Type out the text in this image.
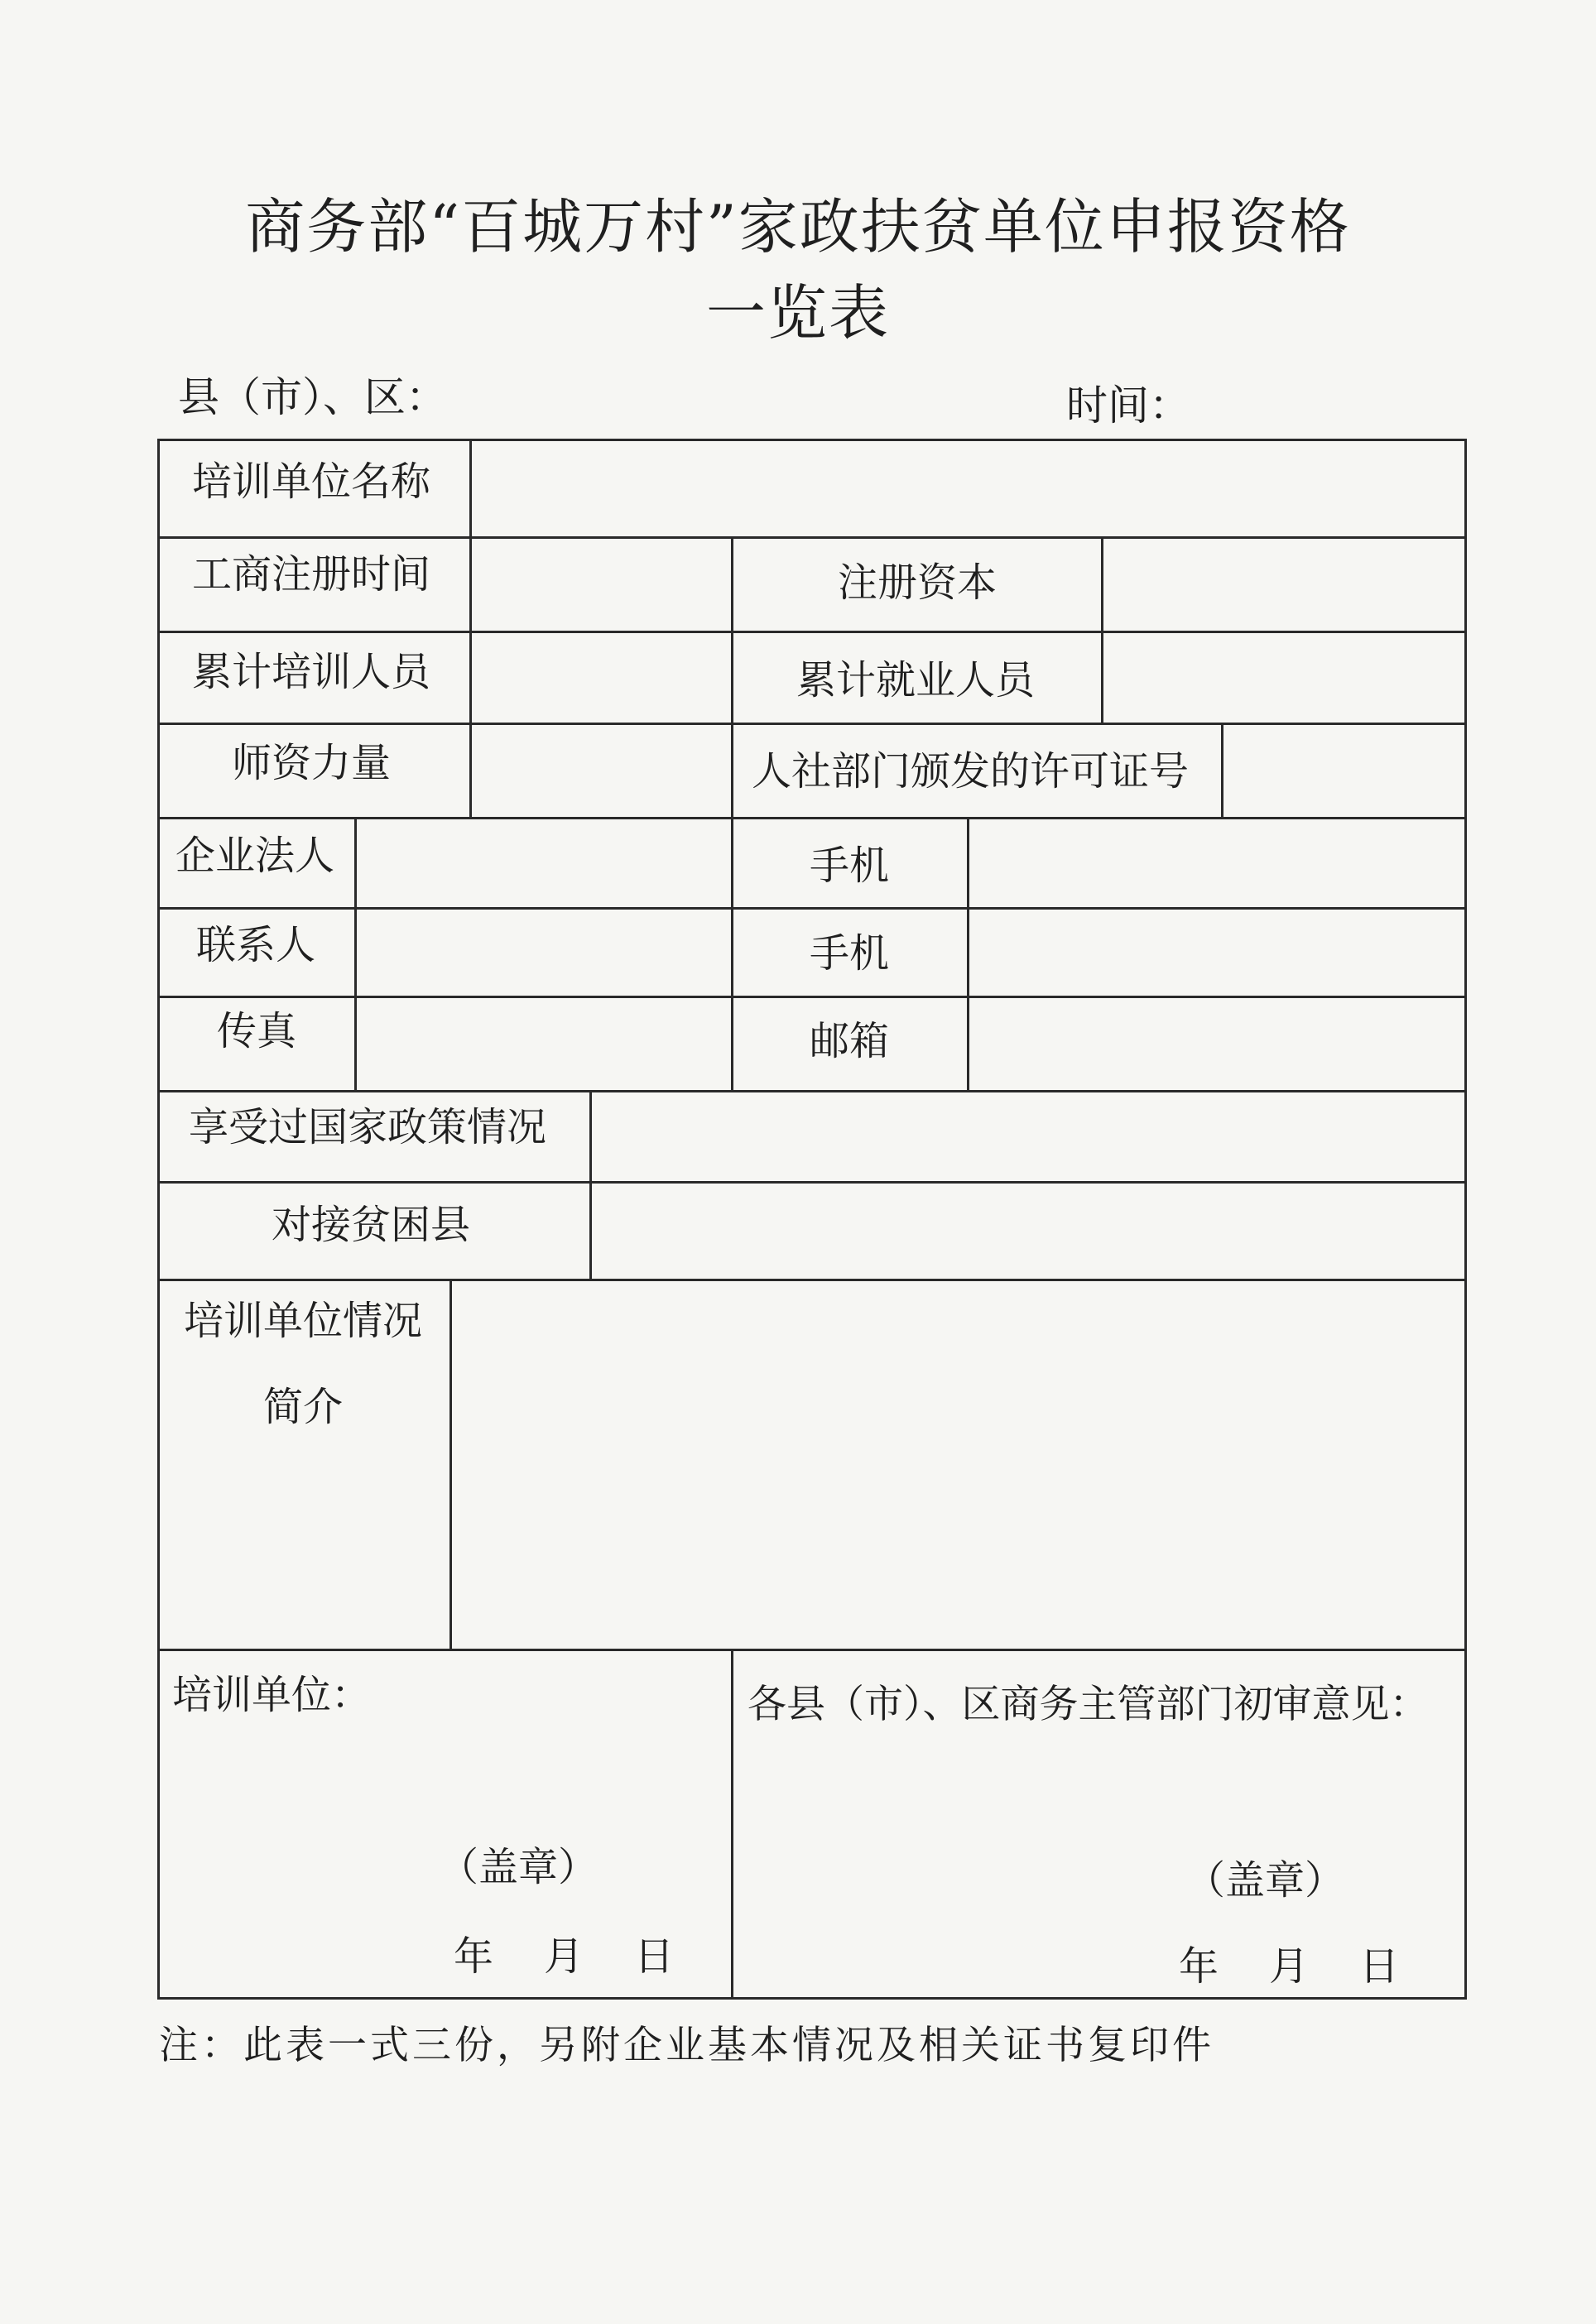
商务部“百城万村”家政扶贫单位申报资格
一览表
县（市）、区：	时间：
培训单位名称
工商注册时间	注册资本
累计培训人员	累计就业人员
师资力量	人社部门颁发的许可证号
企业法人	手机
联系人	手机
传真	邮箱
享受过国家政策情况
对接贫困县
培训单位情况
简介
培训单位：
（盖章）
年    月    日
各县（市）、区商务主管部门初审意见：
（盖章）
年    月    日
注：此表一式三份，另附企业基本情况及相关证书复印件
